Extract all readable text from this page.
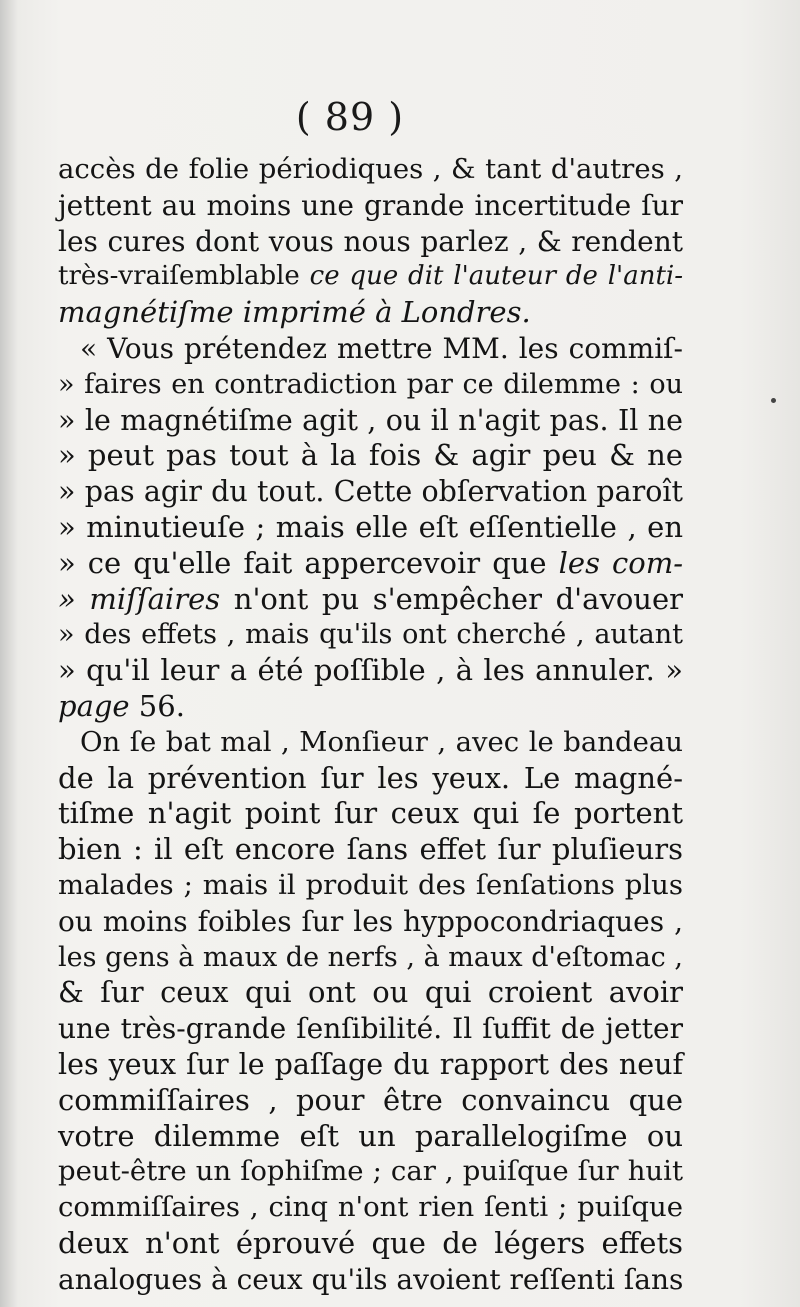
( 89 )
accès de folie périodiques , & tant d'autres ,
jettent au moins une grande incertitude ſur
les cures dont vous nous parlez , & rendent
très-vraiſemblable ce que dit l'auteur de l'anti-
magnétiſme imprimé à Londres.
« Vous prétendez mettre MM. les commiſ-
» faires en contradiction par ce dilemme : ou
» le magnétiſme agit , ou il n'agit pas. Il ne
» peut pas tout à la fois & agir peu & ne
» pas agir du tout. Cette obſervation paroît
» minutieuſe ; mais elle eſt eſſentielle , en
» ce qu'elle fait appercevoir que les com-
» miſſaires n'ont pu s'empêcher d'avouer
» des effets , mais qu'ils ont cherché , autant
» qu'il leur a été poſſible , à les annuler. »
page 56.
On ſe bat mal , Monſieur , avec le bandeau
de la prévention ſur les yeux. Le magné-
tiſme n'agit point ſur ceux qui ſe portent
bien : il eſt encore ſans effet ſur pluſieurs
malades ; mais il produit des ſenſations plus
ou moins foibles ſur les hyppocondriaques ,
les gens à maux de nerfs , à maux d'eſtomac ,
& ſur ceux qui ont ou qui croient avoir
une très-grande ſenſibilité. Il ſuffit de jetter
les yeux ſur le paſſage du rapport des neuf
commiſſaires , pour être convaincu que
votre dilemme eſt un parallelogiſme ou
peut-être un ſophiſme ; car , puiſque ſur huit
commiſſaires , cinq n'ont rien ſenti ; puiſque
deux n'ont éprouvé que de légers effets
analogues à ceux qu'ils avoient reſſenti ſans
